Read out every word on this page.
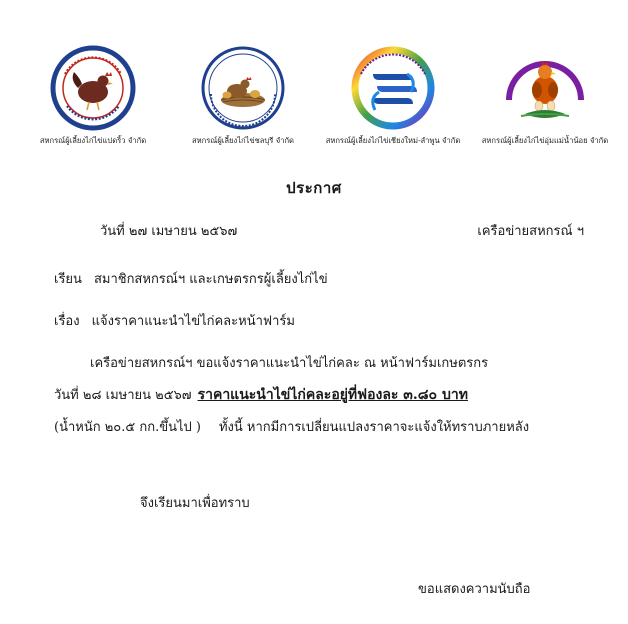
สหกรณ์ผู้เลี้ยงไก่ไข่แปดริ้ว จำกัด	สหกรณ์ผู้เลี้ยงไก่ไข่ชลบุรี จำกัด	สหกรณ์ผู้เลี้ยงไก่ไข่เชียงใหม่-ลำพูน จำกัด	สหกรณ์ผู้เลี้ยงไก่ไข่อุ่มแม่น้ำน้อย จำกัด
ประกาศ
วันที่ ๒๗ เมษายน ๒๕๖๗	เครือข่ายสหกรณ์ ฯ
เรียน สมาชิกสหกรณ์ฯ และเกษตรกรผู้เลี้ยงไก่ไข่
เรื่อง แจ้งราคาแนะนำไข่ไก่คละหน้าฟาร์ม
เครือข่ายสหกรณ์ฯ ขอแจ้งราคาแนะนำไข่ไก่คละ ณ หน้าฟาร์มเกษตรกร
วันที่ ๒๘ เมษายน ๒๕๖๗ ราคาแนะนำไข่ไก่คละอยู่ที่ฟองละ ๓.๘๐ บาท
(น้ำหนัก ๒๐.๕ กก.ขึ้นไป ) ทั้งนี้ หากมีการเปลี่ยนแปลงราคาจะแจ้งให้ทราบภายหลัง
จึงเรียนมาเพื่อทราบ
ขอแสดงความนับถือ
